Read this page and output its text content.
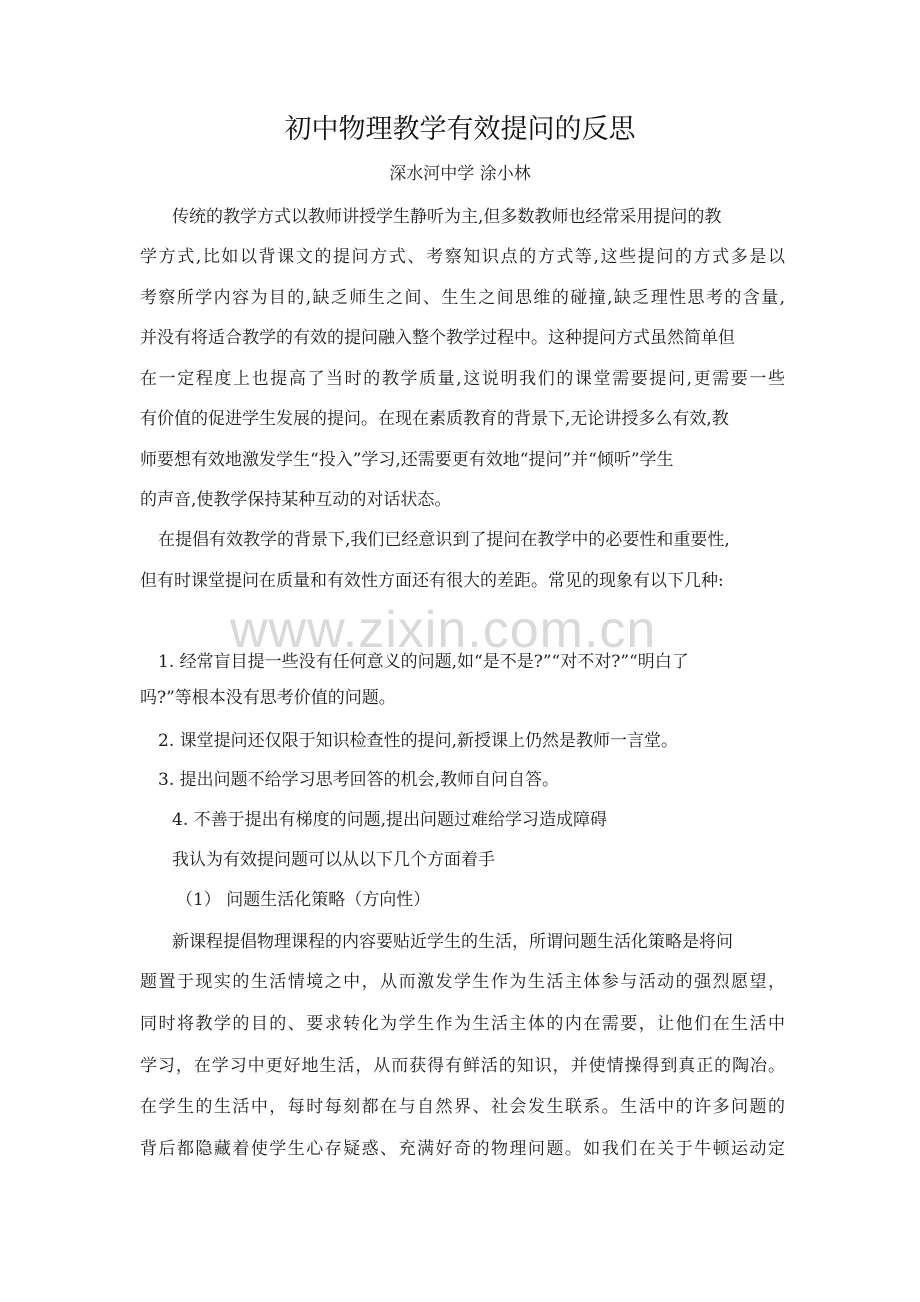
初中物理教学有效提问的反思
深水河中学 涂小林
www.zixin.com.cn
传统的教学方式以教师讲授学生静听为主,但多数教师也经常采用提问的教
学方式,比如以背课文的提问方式、考察知识点的方式等,这些提问的方式多是以
考察所学内容为目的,缺乏师生之间、生生之间思维的碰撞,缺乏理性思考的含量,
并没有将适合教学的有效的提问融入整个教学过程中。这种提问方式虽然简单但
在一定程度上也提高了当时的教学质量,这说明我们的课堂需要提问,更需要一些
有价值的促进学生发展的提问。在现在素质教育的背景下,无论讲授多么有效,教
师要想有效地激发学生“投入”学习,还需要更有效地“提问”并“倾听”学生
的声音,使教学保持某种互动的对话状态。
在提倡有效教学的背景下,我们已经意识到了提问在教学中的必要性和重要性,
但有时课堂提问在质量和有效性方面还有很大的差距。常见的现象有以下几种:
1. 经常盲目提一些没有任何意义的问题,如“是不是?”“对不对?”“明白了
吗?”等根本没有思考价值的问题。
2. 课堂提问还仅限于知识检查性的提问,新授课上仍然是教师一言堂。
3. 提出问题不给学习思考回答的机会,教师自问自答。
4. 不善于提出有梯度的问题,提出问题过难给学习造成障碍
我认为有效提问题可以从以下几个方面着手
（1） 问题生活化策略（方向性）
新课程提倡物理课程的内容要贴近学生的生活，所谓问题生活化策略是将问
题置于现实的生活情境之中，从而激发学生作为生活主体参与活动的强烈愿望，
同时将教学的目的、要求转化为学生作为生活主体的内在需要，让他们在生活中
学习，在学习中更好地生活，从而获得有鲜活的知识，并使情操得到真正的陶冶。
在学生的生活中，每时每刻都在与自然界、社会发生联系。生活中的许多问题的
背后都隐藏着使学生心存疑惑、充满好奇的物理问题。如我们在关于牛顿运动定
